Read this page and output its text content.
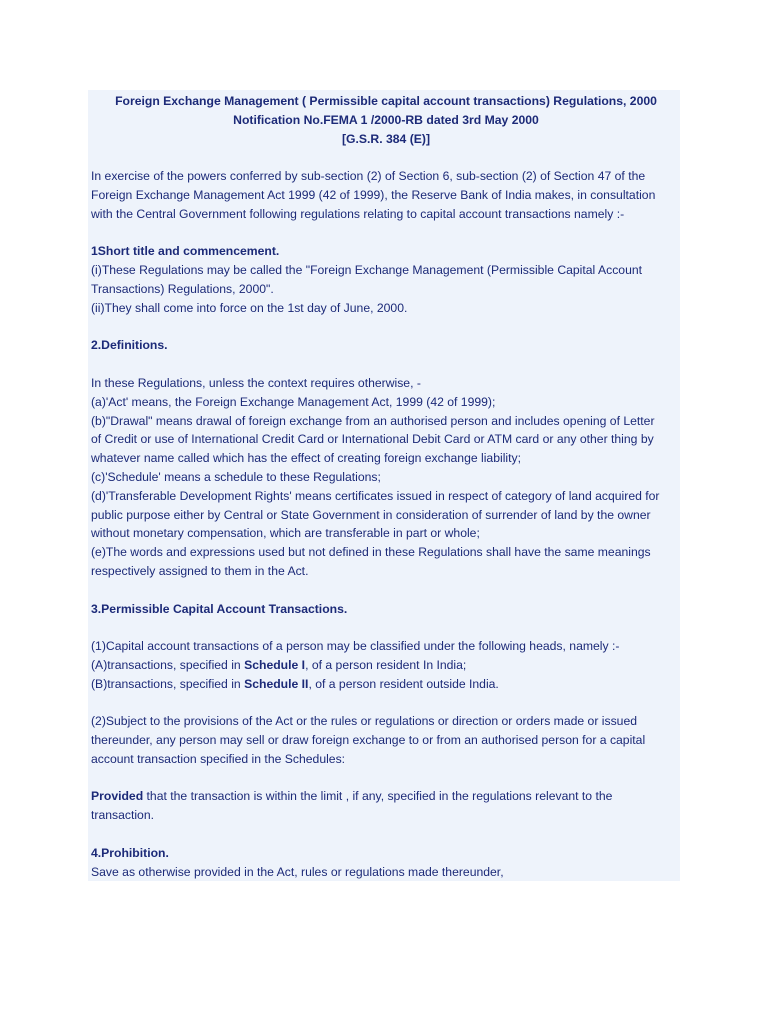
Foreign Exchange Management ( Permissible capital account transactions) Regulations, 2000

Notification No.FEMA 1 /2000-RB dated 3rd May 2000

[G.S.R. 384 (E)]

In exercise of the powers conferred by sub-section (2) of Section 6, sub-section (2) of Section 47 of the

Foreign Exchange Management Act 1999 (42 of 1999), the Reserve Bank of India makes, in consultation

with the Central Government following regulations relating to capital account transactions namely :-

1Short title and commencement.

(i)These Regulations may be called the "Foreign Exchange Management (Permissible Capital Account

Transactions) Regulations, 2000".

(ii)They shall come into force on the 1st day of June, 2000.

2.Definitions.

In these Regulations, unless the context requires otherwise, -

(a)'Act' means, the Foreign Exchange Management Act, 1999 (42 of 1999);

(b)"Drawal" means drawal of foreign exchange from an authorised person and includes opening of Letter

of Credit or use of International Credit Card or International Debit Card or ATM card or any other thing by

whatever name called which has the effect of creating foreign exchange liability;

(c)'Schedule' means a schedule to these Regulations;

(d)'Transferable Development Rights' means certificates issued in respect of category of land acquired for

public purpose either by Central or State Government in consideration of surrender of land by the owner

without monetary compensation, which are transferable in part or whole;

(e)The words and expressions used but not defined in these Regulations shall have the same meanings

respectively assigned to them in the Act.

3.Permissible Capital Account Transactions.

(1)Capital account transactions of a person may be classified under the following heads, namely :-

(A)transactions, specified in Schedule I, of a person resident In India;

(B)transactions, specified in Schedule II, of a person resident outside India.

(2)Subject to the provisions of the Act or the rules or regulations or direction or orders made or issued

thereunder, any person may sell or draw foreign exchange to or from an authorised person for a capital

account transaction specified in the Schedules:

Provided that the transaction is within the limit , if any, specified in the regulations relevant to the

transaction.

4.Prohibition.

Save as otherwise provided in the Act, rules or regulations made thereunder,
